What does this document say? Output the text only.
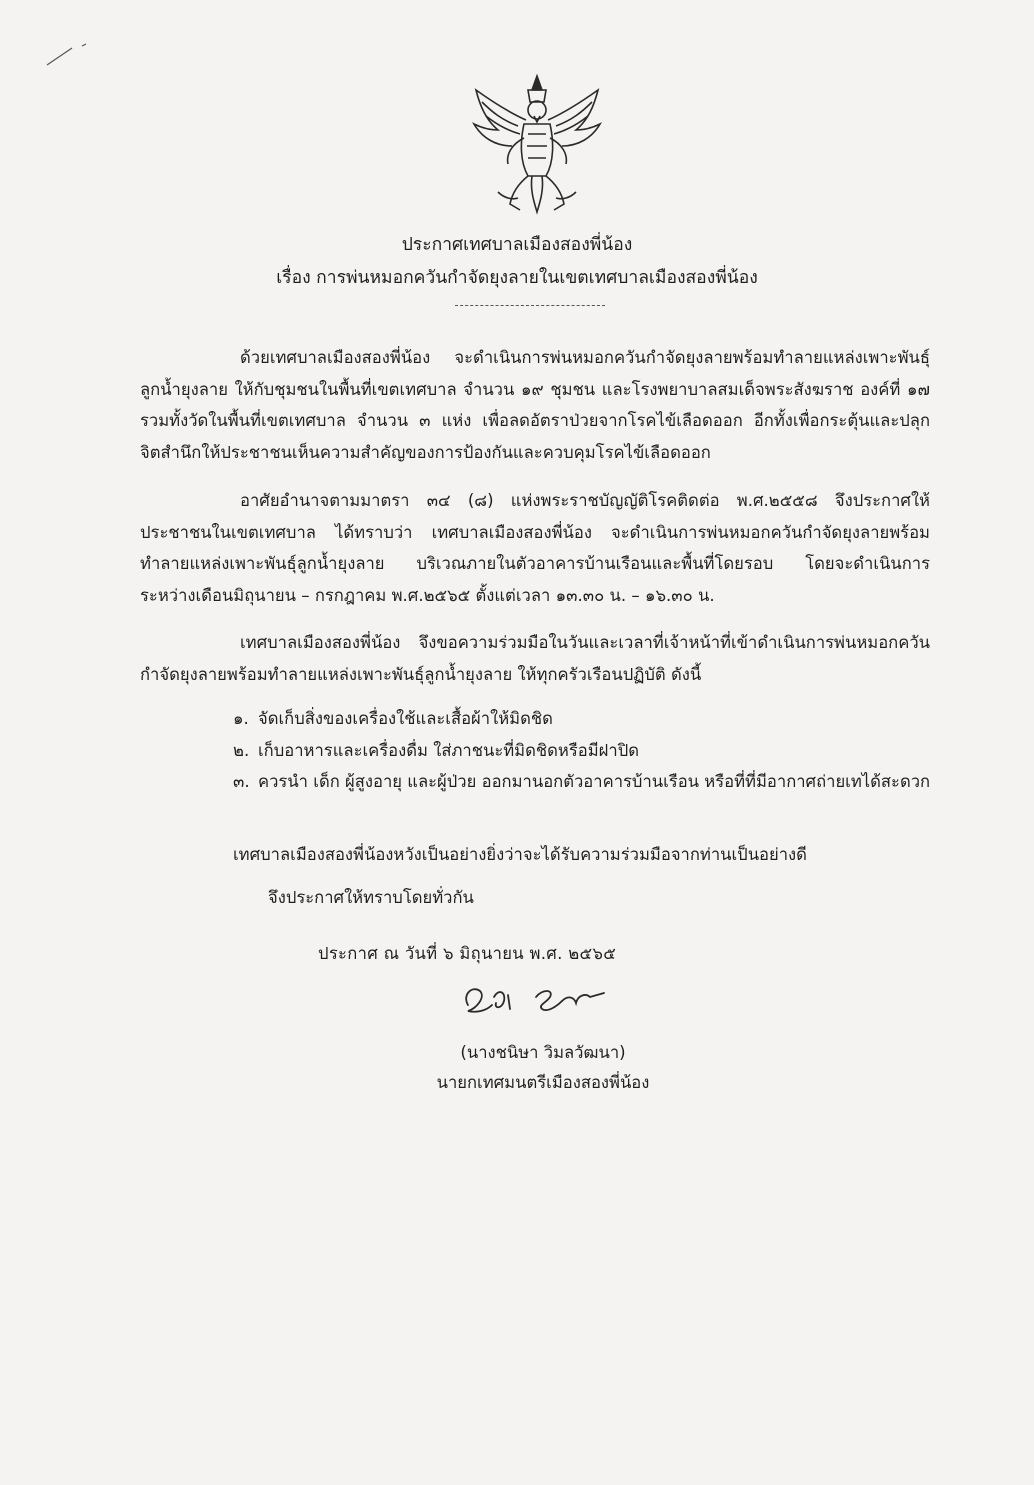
ประกาศเทศบาลเมืองสองพี่น้อง
เรื่อง การพ่นหมอกควันกำจัดยุงลายในเขตเทศบาลเมืองสองพี่น้อง

ด้วยเทศบาลเมืองสองพี่น้อง จะดำเนินการพ่นหมอกควันกำจัดยุงลายพร้อมทำลายแหล่งเพาะพันธุ์ลูกน้ำยุงลาย ให้กับชุมชนในพื้นที่เขตเทศบาล จำนวน ๑๙ ชุมชน และโรงพยาบาลสมเด็จพระสังฆราช องค์ที่ ๑๗ รวมทั้งวัดในพื้นที่เขตเทศบาล จำนวน ๓ แห่ง เพื่อลดอัตราป่วยจากโรคไข้เลือดออก อีกทั้งเพื่อกระตุ้นและปลุกจิตสำนึกให้ประชาชนเห็นความสำคัญของการป้องกันและควบคุมโรคไข้เลือดออก

อาศัยอำนาจตามมาตรา ๓๔ (๘) แห่งพระราชบัญญัติโรคติดต่อ พ.ศ.๒๕๕๘ จึงประกาศให้ประชาชนในเขตเทศบาล ได้ทราบว่า เทศบาลเมืองสองพี่น้อง จะดำเนินการพ่นหมอกควันกำจัดยุงลายพร้อมทำลายแหล่งเพาะพันธุ์ลูกน้ำยุงลาย บริเวณภายในตัวอาคารบ้านเรือนและพื้นที่โดยรอบ โดยจะดำเนินการระหว่างเดือนมิถุนายน – กรกฎาคม พ.ศ.๒๕๖๕ ตั้งแต่เวลา ๑๓.๓๐ น. – ๑๖.๓๐ น.

เทศบาลเมืองสองพี่น้อง จึงขอความร่วมมือในวันและเวลาที่เจ้าหน้าที่เข้าดำเนินการพ่นหมอกควันกำจัดยุงลายพร้อมทำลายแหล่งเพาะพันธุ์ลูกน้ำยุงลาย ให้ทุกครัวเรือนปฏิบัติ ดังนี้

๑. จัดเก็บสิ่งของเครื่องใช้และเสื้อผ้าให้มิดชิด
๒. เก็บอาหารและเครื่องดื่ม ใส่ภาชนะที่มิดชิดหรือมีฝาปิด
๓. ควรนำ เด็ก ผู้สูงอายุ และผู้ป่วย ออกมานอกตัวอาคารบ้านเรือน หรือที่ที่มีอากาศถ่ายเทได้สะดวก
เทศบาลเมืองสองพี่น้องหวังเป็นอย่างยิ่งว่าจะได้รับความร่วมมือจากท่านเป็นอย่างดี
จึงประกาศให้ทราบโดยทั่วกัน
ประกาศ ณ วันที่ ๖ มิถุนายน พ.ศ. ๒๕๖๕
(นางชนิษา วิมลวัฒนา)
นายกเทศมนตรีเมืองสองพี่น้อง
